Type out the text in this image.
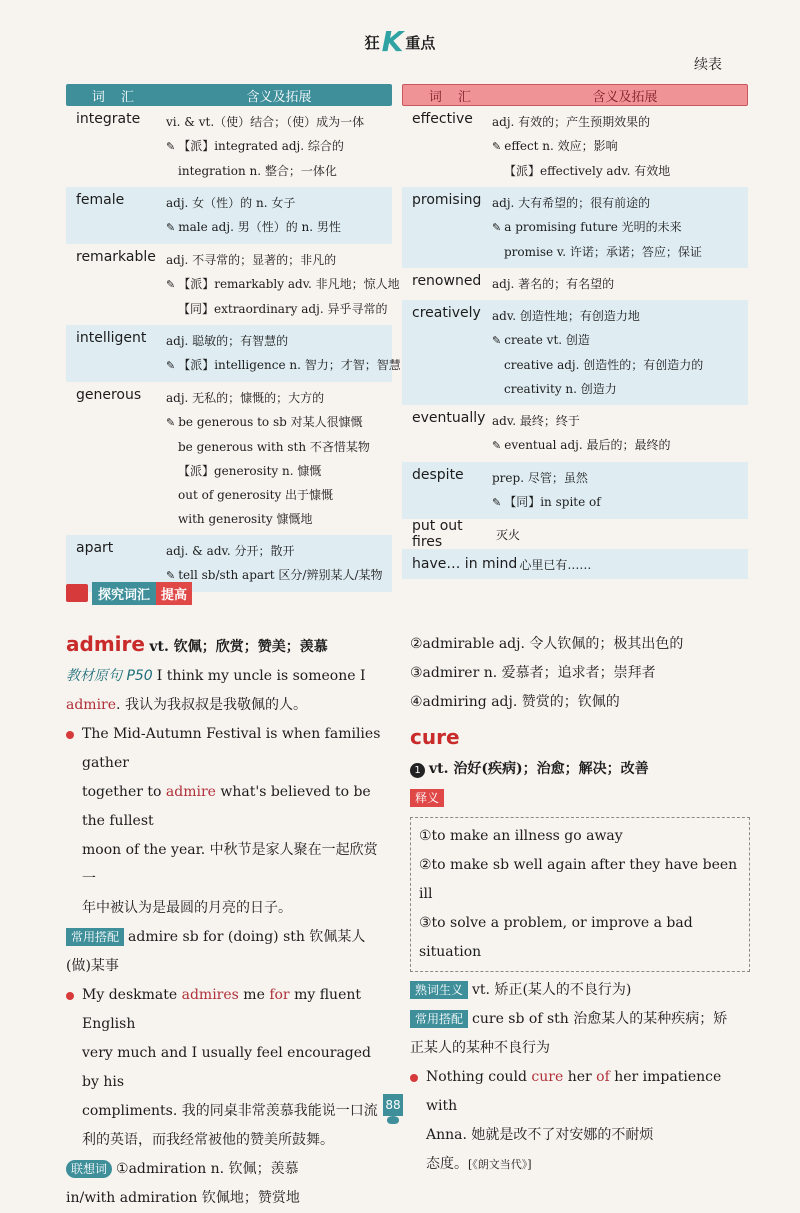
狂K 重点
续表
词 汇	含义及拓展
integrate	vi. & vt.（使）结合；（使）成为一体
✎ 【派】integrated adj. 综合的
integration n. 整合；一体化
female	adj. 女（性）的 n. 女子
✎ male adj. 男（性）的 n. 男性
remarkable adj. 不寻常的；显著的；非凡的
✎ 【派】remarkably adv. 非凡地；惊人地
【同】extraordinary adj. 异乎寻常的
intelligent	adj. 聪敏的；有智慧的
✎ 【派】intelligence n. 智力；才智；智慧
generous	adj. 无私的；慷慨的；大方的
✎ be generous to sb 对某人很慷慨
be generous with sth 不吝惜某物
【派】generosity n. 慷慨
out of generosity 出于慷慨
with generosity 慷慨地
apart	adj. & adv. 分开；散开
✎ tell sb/sth apart 区分/辨别某人/某物
词 汇	含义及拓展
effective	adj. 有效的；产生预期效果的
✎ effect n. 效应；影响
【派】effectively adv. 有效地
promising adj. 大有希望的；很有前途的
✎ a promising future 光明的未来
promise v. 许诺；承诺；答应；保证
renowned adj. 著名的；有名望的
creatively adv. 创造性地；有创造力地
✎ create vt. 创造
creative adj. 创造性的；有创造力的
creativity n. 创造力
eventually adv. 最终；终于
✎ eventual adj. 最后的；最终的
despite	prep. 尽管；虽然
✎ 【同】in spite of
put out fires	灭火
have… in mind 心里已有……
探究词汇 提高
admire vt. 钦佩；欣赏；赞美；羡慕
教材原句 P50 I think my uncle is someone I
admire. 我认为我叔叔是我敬佩的人。
The Mid-Autumn Festival is when families gather
together to admire what's believed to be the fullest
moon of the year. 中秋节是家人聚在一起欣赏一
年中被认为是最圆的月亮的日子。
常用搭配 admire sb for (doing) sth 钦佩某人
(做)某事
My deskmate admires me for my fluent English
very much and I usually feel encouraged by his
compliments. 我的同桌非常羡慕我能说一口流
利的英语，而我经常被他的赞美所鼓舞。
联想词 ①admiration n. 钦佩；羡慕
in/with admiration 钦佩地；赞赏地
②admirable adj. 令人钦佩的；极其出色的
③admirer n. 爱慕者；追求者；崇拜者
④admiring adj. 赞赏的；钦佩的
cure
1 vt. 治好(疾病)；治愈；解决；改善
释义
①to make an illness go away
②to make sb well again after they have been ill
③to solve a problem, or improve a bad situation
熟词生义 vt. 矫正(某人的不良行为)
常用搭配 cure sb of sth 治愈某人的某种疾病；矫
正某人的某种不良行为
Nothing could cure her of her impatience with
Anna. 她就是改不了对安娜的不耐烦
态度。[《朗文当代》]
88
